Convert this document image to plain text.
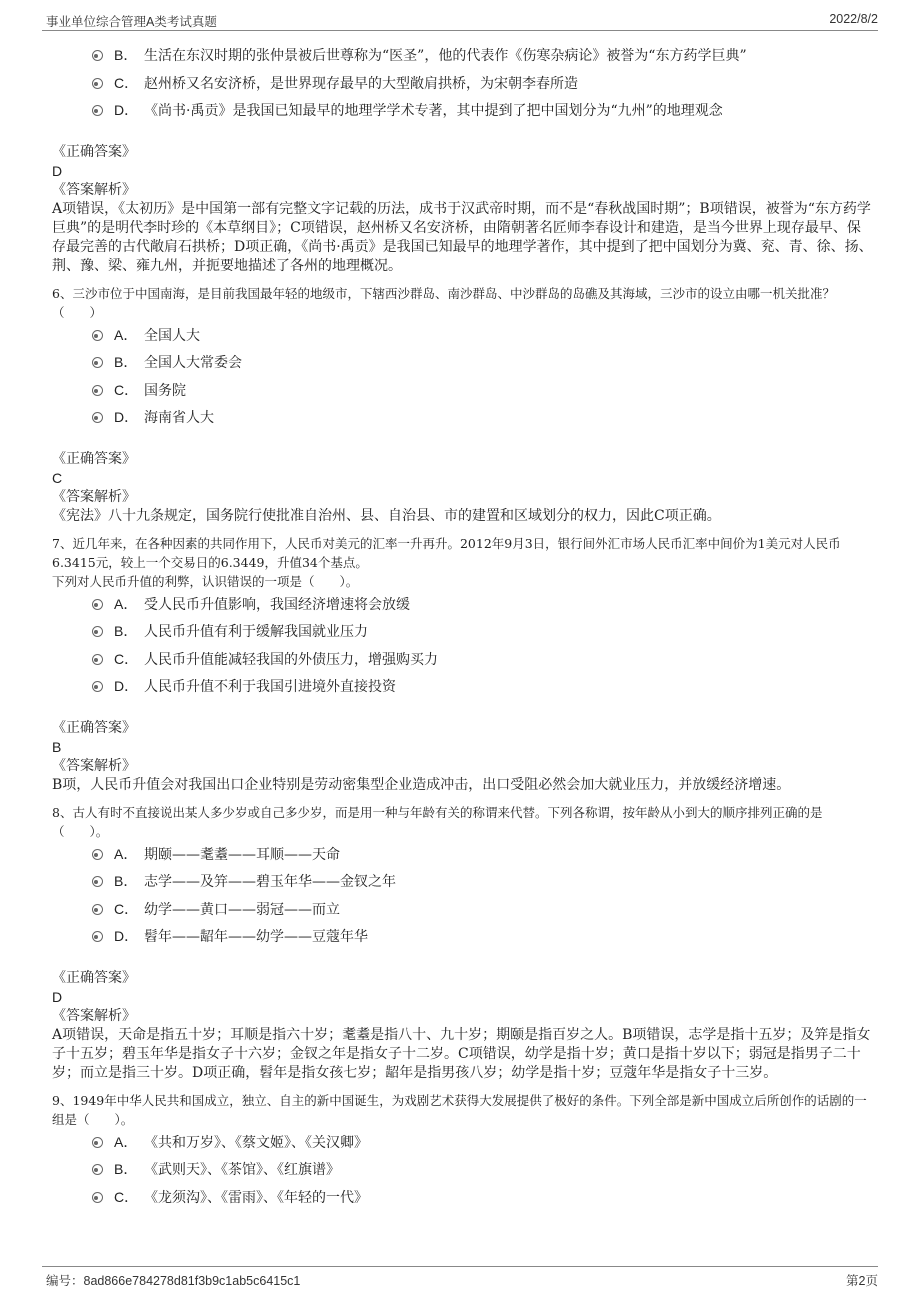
事业单位综合管理A类考试真题	2022/8/2
B． 生活在东汉时期的张仲景被后世尊称为“医圣”，他的代表作《伤寒杂病论》被誉为“东方药学巨典”
C． 赵州桥又名安济桥，是世界现存最早的大型敞肩拱桥，为宋朝李春所造
D． 《尚书·禹贡》是我国已知最早的地理学学术专著，其中提到了把中国划分为“九州”的地理观念
《正确答案》
D
《答案解析》
A项错误，《太初历》是中国第一部有完整文字记载的历法，成书于汉武帝时期，而不是“春秋战国时期”；B项错误，被誉为“东方药学巨典”的是明代李时珍的《本草纲目》；C项错误，赵州桥又名安济桥，由隋朝著名匠师李春设计和建造，是当今世界上现存最早、保存最完善的古代敞肩石拱桥；D项正确，《尚书·禹贡》是我国已知最早的地理学著作，其中提到了把中国划分为冀、兖、青、徐、扬、荆、豫、梁、雍九州，并扼要地描述了各州的地理概况。
6、三沙市位于中国南海，是目前我国最年轻的地级市，下辖西沙群岛、南沙群岛、中沙群岛的岛礁及其海域，三沙市的设立由哪一机关批准？（　　）
A． 全国人大
B． 全国人大常委会
C． 国务院
D． 海南省人大
《正确答案》
C
《答案解析》
《宪法》八十九条规定，国务院行使批准自治州、县、自治县、市的建置和区域划分的权力，因此C项正确。
7、近几年来，在各种因素的共同作用下，人民币对美元的汇率一升再升。2012年9月3日，银行间外汇市场人民币汇率中间价为1美元对人民币6.3415元，较上一个交易日的6.3449，升值34个基点。
下列对人民币升值的利弊，认识错误的一项是（　　）。
A． 受人民币升值影响，我国经济增速将会放缓
B． 人民币升值有利于缓解我国就业压力
C． 人民币升值能减轻我国的外债压力，增强购买力
D． 人民币升值不利于我国引进境外直接投资
《正确答案》
B
《答案解析》
B项，人民币升值会对我国出口企业特别是劳动密集型企业造成冲击，出口受阻必然会加大就业压力，并放缓经济增速。
8、古人有时不直接说出某人多少岁或自己多少岁，而是用一种与年龄有关的称谓来代替。下列各称谓，按年龄从小到大的顺序排列正确的是（　　）。
A． 期颐——耄耋——耳顺——天命
B． 志学——及笄——碧玉年华——金钗之年
C． 幼学——黄口——弱冠——而立
D． 髫年——龆年——幼学——豆蔻年华
《正确答案》
D
《答案解析》
A项错误，天命是指五十岁；耳顺是指六十岁；耄耋是指八十、九十岁；期颐是指百岁之人。B项错误，志学是指十五岁；及笄是指女子十五岁；碧玉年华是指女子十六岁；金钗之年是指女子十二岁。C项错误，幼学是指十岁；黄口是指十岁以下；弱冠是指男子二十岁；而立是指三十岁。D项正确，髫年是指女孩七岁；龆年是指男孩八岁；幼学是指十岁；豆蔻年华是指女子十三岁。
9、1949年中华人民共和国成立，独立、自主的新中国诞生，为戏剧艺术获得大发展提供了极好的条件。下列全部是新中国成立后所创作的话剧的一组是（　　）。
A． 《共和万岁》、《蔡文姬》、《关汉卿》
B． 《武则天》、《茶馆》、《红旗谱》
C． 《龙须沟》、《雷雨》、《年轻的一代》
编号：8ad866e784278d81f3b9c1ab5c6415c1	第2页
